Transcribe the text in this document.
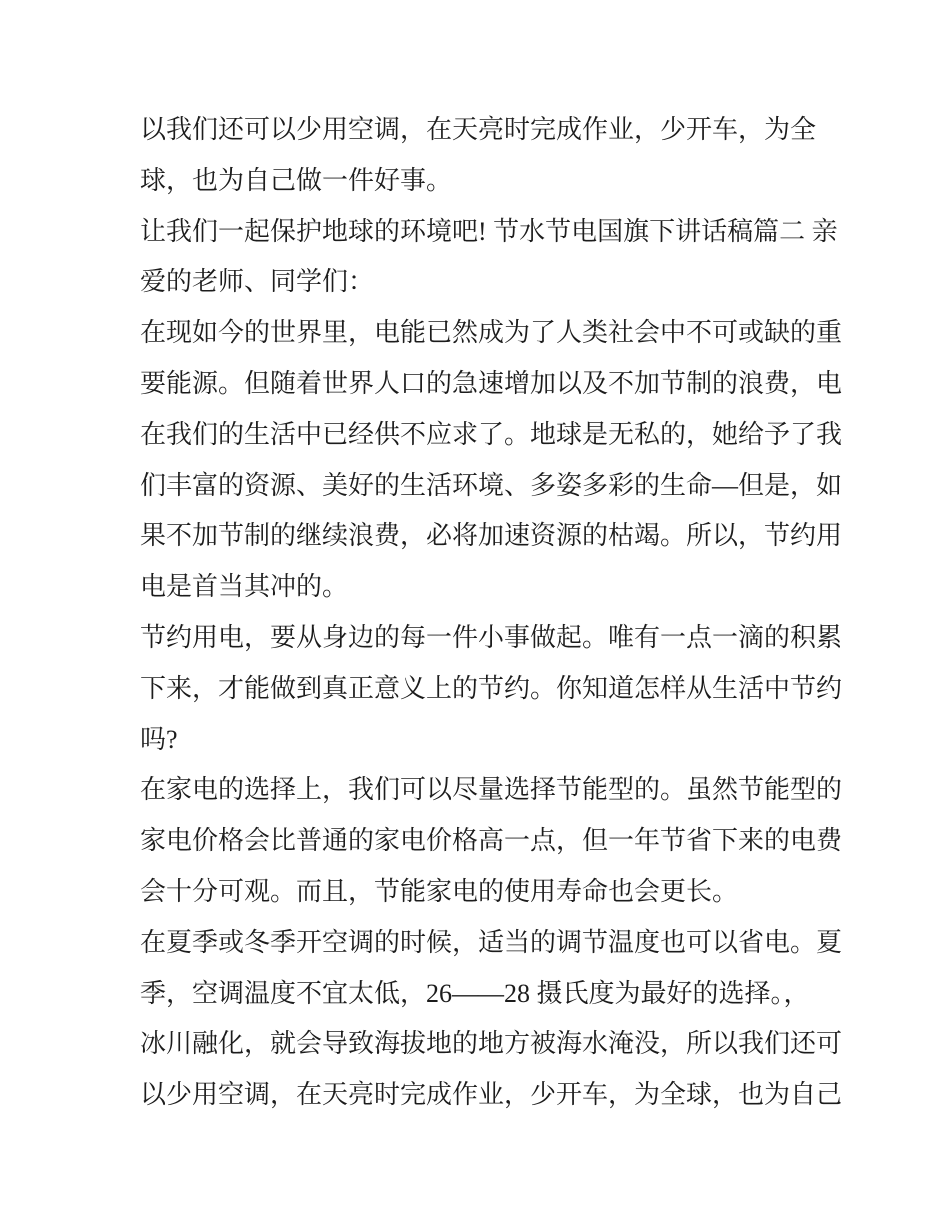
以我们还可以少用空调，在天亮时完成作业，少开车，为全
球，也为自己做一件好事。
让我们一起保护地球的环境吧! 节水节电国旗下讲话稿篇二 亲
爱的老师、同学们：
在现如今的世界里，电能已然成为了人类社会中不可或缺的重
要能源。但随着世界人口的急速增加以及不加节制的浪费，电
在我们的生活中已经供不应求了。地球是无私的，她给予了我
们丰富的资源、美好的生活环境、多姿多彩的生命—但是，如
果不加节制的继续浪费，必将加速资源的枯竭。所以，节约用
电是首当其冲的。
节约用电，要从身边的每一件小事做起。唯有一点一滴的积累
下来，才能做到真正意义上的节约。你知道怎样从生活中节约
吗?
在家电的选择上，我们可以尽量选择节能型的。虽然节能型的
家电价格会比普通的家电价格高一点，但一年节省下来的电费
会十分可观。而且，节能家电的使用寿命也会更长。
在夏季或冬季开空调的时候，适当的调节温度也可以省电。夏
季，空调温度不宜太低，26——28 摄氏度为最好的选择。，
冰川融化，就会导致海拔地的地方被海水淹没，所以我们还可
以少用空调，在天亮时完成作业，少开车，为全球，也为自己
